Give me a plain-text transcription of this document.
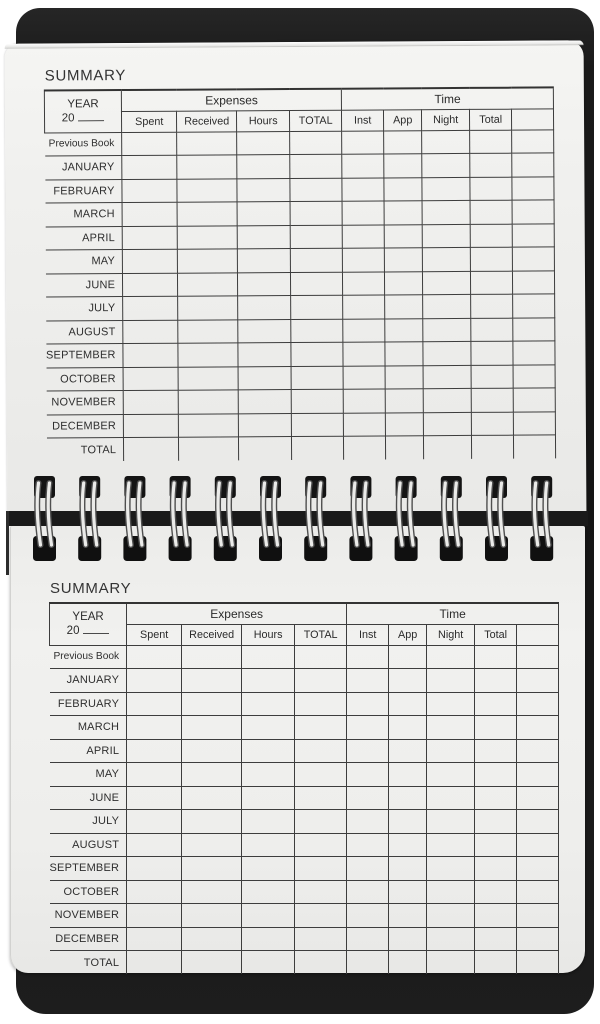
SUMMARY
YEAR
20	Expenses				Time				
	Spent	Received	Hours	TOTAL	Inst	App	Night	Total	
Previous Book									
JANUARY									
FEBRUARY									
MARCH									
APRIL									
MAY									
JUNE									
JULY									
AUGUST									
SEPTEMBER									
OCTOBER									
NOVEMBER									
DECEMBER									
TOTAL									
SUMMARY
YEAR
20	Expenses				Time				
	Spent	Received	Hours	TOTAL	Inst	App	Night	Total	
Previous Book									
JANUARY									
FEBRUARY									
MARCH									
APRIL									
MAY									
JUNE									
JULY									
AUGUST									
SEPTEMBER									
OCTOBER									
NOVEMBER									
DECEMBER									
TOTAL									
